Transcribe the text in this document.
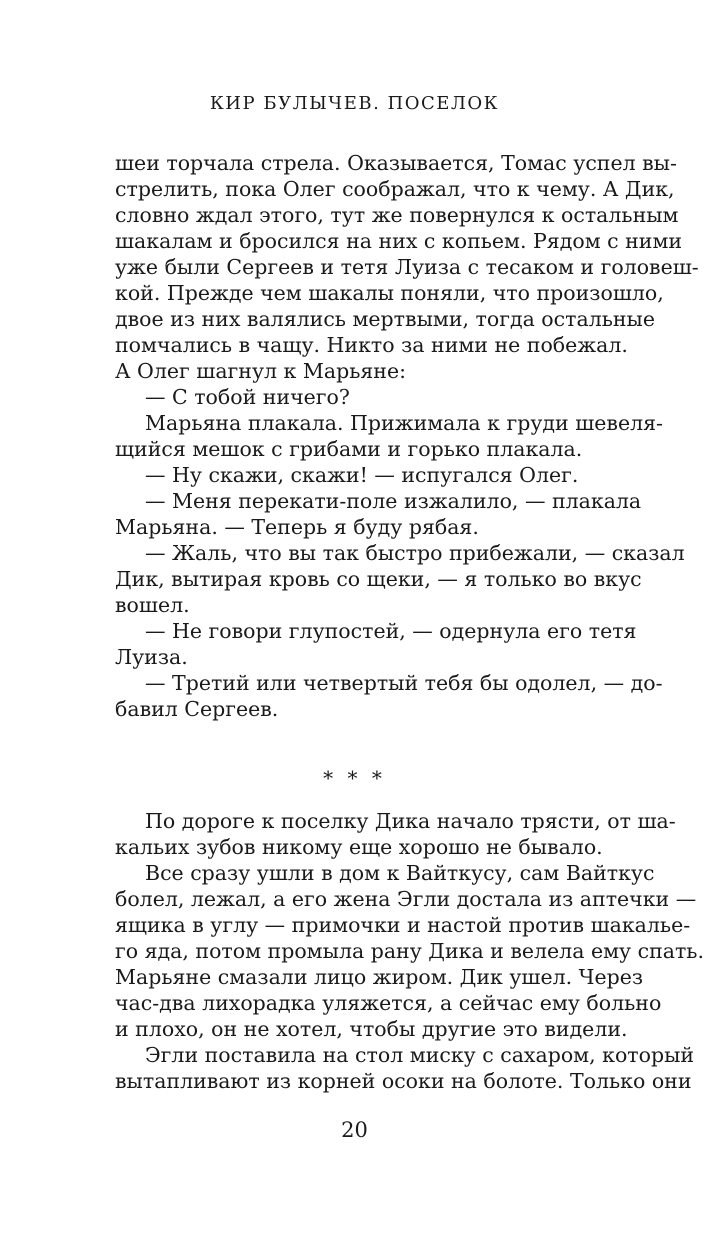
КИР БУЛЫЧЕВ. ПОСЕЛОК
шеи торчала стрела. Оказывается, Томас успел вы-
стрелить, пока Олег соображал, что к чему. А Дик,
словно ждал этого, тут же повернулся к остальным
шакалам и бросился на них с копьем. Рядом с ними
уже были Сергеев и тетя Луиза с тесаком и головеш-
кой. Прежде чем шакалы поняли, что произошло,
двое из них валялись мертвыми, тогда остальные
помчались в чащу. Никто за ними не побежал.
А Олег шагнул к Марьяне:
— С тобой ничего?
Марьяна плакала. Прижимала к груди шевеля-
щийся мешок с грибами и горько плакала.
— Ну скажи, скажи! — испугался Олег.
— Меня перекати-поле изжалило, — плакала
Марьяна. — Теперь я буду рябая.
— Жаль, что вы так быстро прибежали, — сказал
Дик, вытирая кровь со щеки, — я только во вкус
вошел.
— Не говори глупостей, — одернула его тетя
Луиза.
— Третий или четвертый тебя бы одолел, — до-
бавил Сергеев.
* * *
По дороге к поселку Дика начало трясти, от ша-
кальих зубов никому еще хорошо не бывало.
Все сразу ушли в дом к Вайткусу, сам Вайткус
болел, лежал, а его жена Эгли достала из аптечки —
ящика в углу — примочки и настой против шакалье-
го яда, потом промыла рану Дика и велела ему спать.
Марьяне смазали лицо жиром. Дик ушел. Через
час-два лихорадка уляжется, а сейчас ему больно
и плохо, он не хотел, чтобы другие это видели.
Эгли поставила на стол миску с сахаром, который
вытапливают из корней осоки на болоте. Только они
20
